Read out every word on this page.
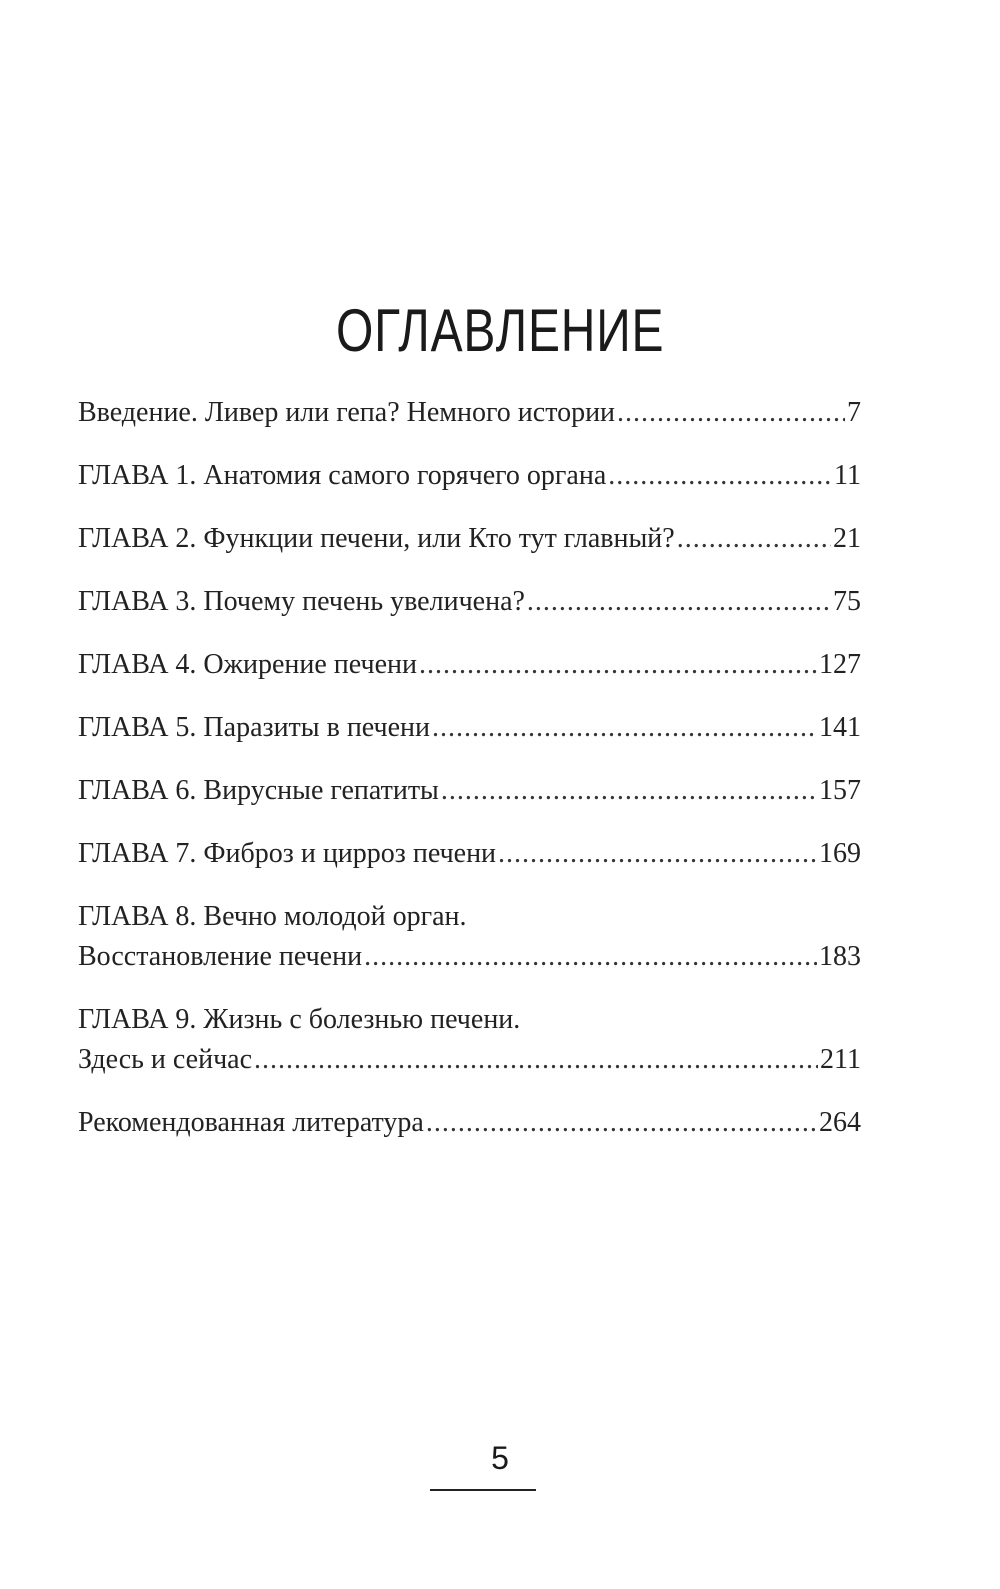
ОГЛАВЛЕНИЕ
Введение. Ливер или гепа? Немного истории .....	7
ГЛАВА 1. Анатомия самого горячего органа .....	11
ГЛАВА 2. Функции печени, или Кто тут главный? .....	21
ГЛАВА 3. Почему печень увеличена? .....	75
ГЛАВА 4. Ожирение печени .....	127
ГЛАВА 5. Паразиты в печени .....	141
ГЛАВА 6. Вирусные гепатиты .....	157
ГЛАВА 7. Фиброз и цирроз печени .....	169
ГЛАВА 8. Вечно молодой орган.
Восстановление печени .....	183
ГЛАВА 9. Жизнь с болезнью печени.
Здесь и сейчас .....	211
Рекомендованная литература .....	264
5
